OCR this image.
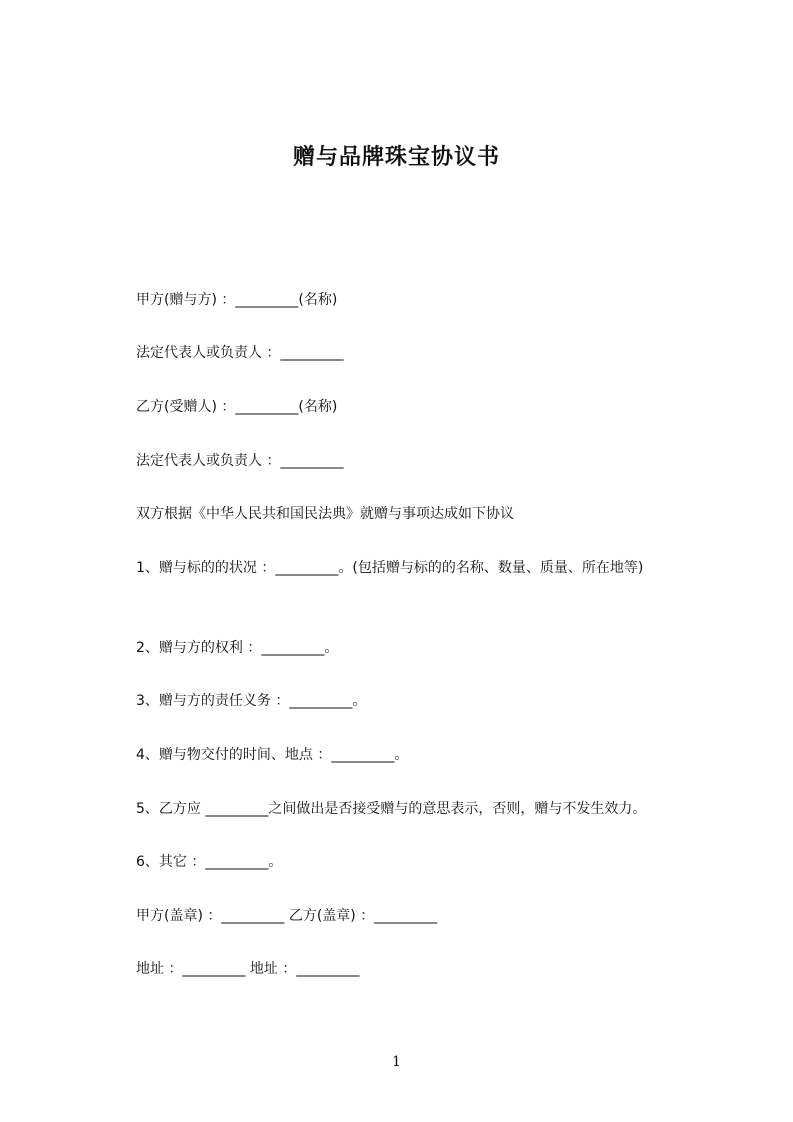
赠与品牌珠宝协议书
甲方(赠与方) ：_________(名称)
法定代表人或负责人 ：_________
乙方(受赠人) ：_________(名称)
法定代表人或负责人 ：_________
双方根据《中华人民共和国民法典》就赠与事项达成如下协议
1、赠与标的的状况 ：_________。(包括赠与标的的名称、数量、质量、所在地等)
2、赠与方的权利 ：_________。
3、赠与方的责任义务 ：_________。
4、赠与物交付的时间、地点 ：_________。
5、乙方应 _________之间做出是否接受赠与的意思表示，否则，赠与不发生效力。
6、其它 ：_________。
甲方(盖章) ：_________ 乙方(盖章) ：_________
地址 ：_________ 地址 ：_________
1
